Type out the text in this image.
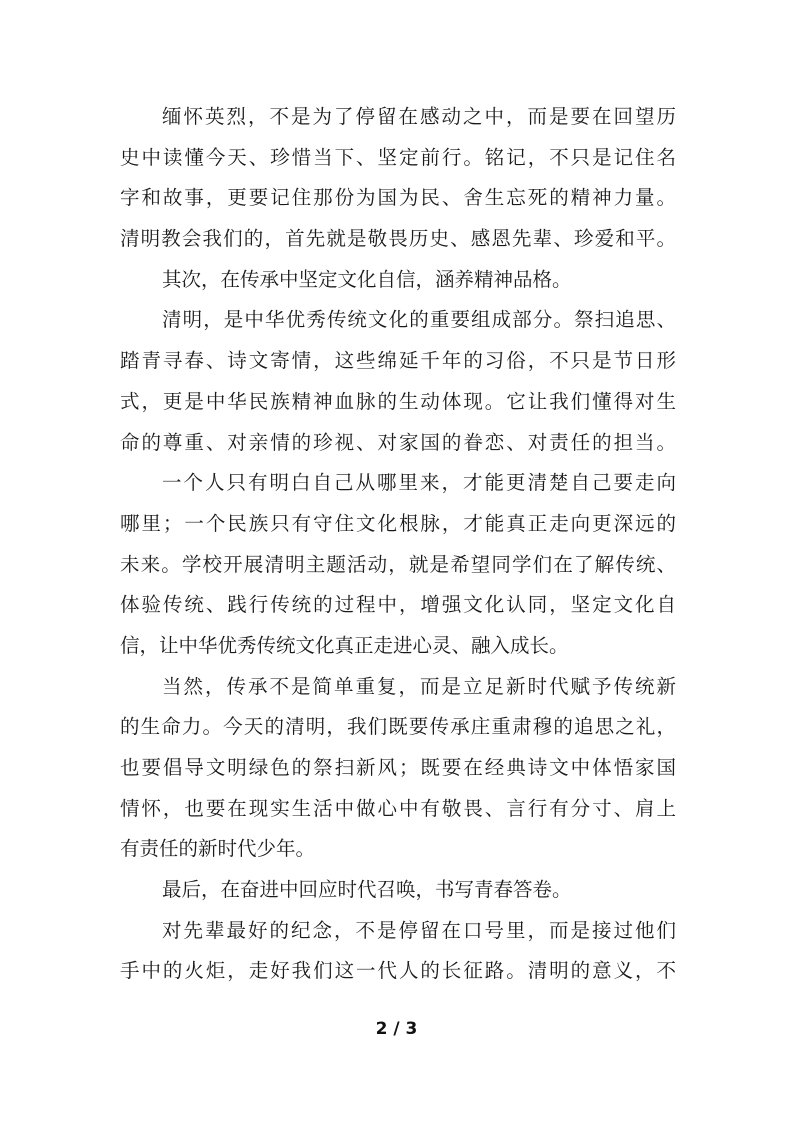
缅怀英烈，不是为了停留在感动之中，而是要在回望历
史中读懂今天、珍惜当下、坚定前行。铭记，不只是记住名
字和故事，更要记住那份为国为民、舍生忘死的精神力量。
清明教会我们的，首先就是敬畏历史、感恩先辈、珍爱和平。
其次，在传承中坚定文化自信，涵养精神品格。
清明，是中华优秀传统文化的重要组成部分。祭扫追思、
踏青寻春、诗文寄情，这些绵延千年的习俗，不只是节日形
式，更是中华民族精神血脉的生动体现。它让我们懂得对生
命的尊重、对亲情的珍视、对家国的眷恋、对责任的担当。
一个人只有明白自己从哪里来，才能更清楚自己要走向
哪里；一个民族只有守住文化根脉，才能真正走向更深远的
未来。学校开展清明主题活动，就是希望同学们在了解传统、
体验传统、践行传统的过程中，增强文化认同，坚定文化自
信，让中华优秀传统文化真正走进心灵、融入成长。
当然，传承不是简单重复，而是立足新时代赋予传统新
的生命力。今天的清明，我们既要传承庄重肃穆的追思之礼，
也要倡导文明绿色的祭扫新风；既要在经典诗文中体悟家国
情怀，也要在现实生活中做心中有敬畏、言行有分寸、肩上
有责任的新时代少年。
最后，在奋进中回应时代召唤，书写青春答卷。
对先辈最好的纪念，不是停留在口号里，而是接过他们
手中的火炬，走好我们这一代人的长征路。清明的意义，不
2 / 3
